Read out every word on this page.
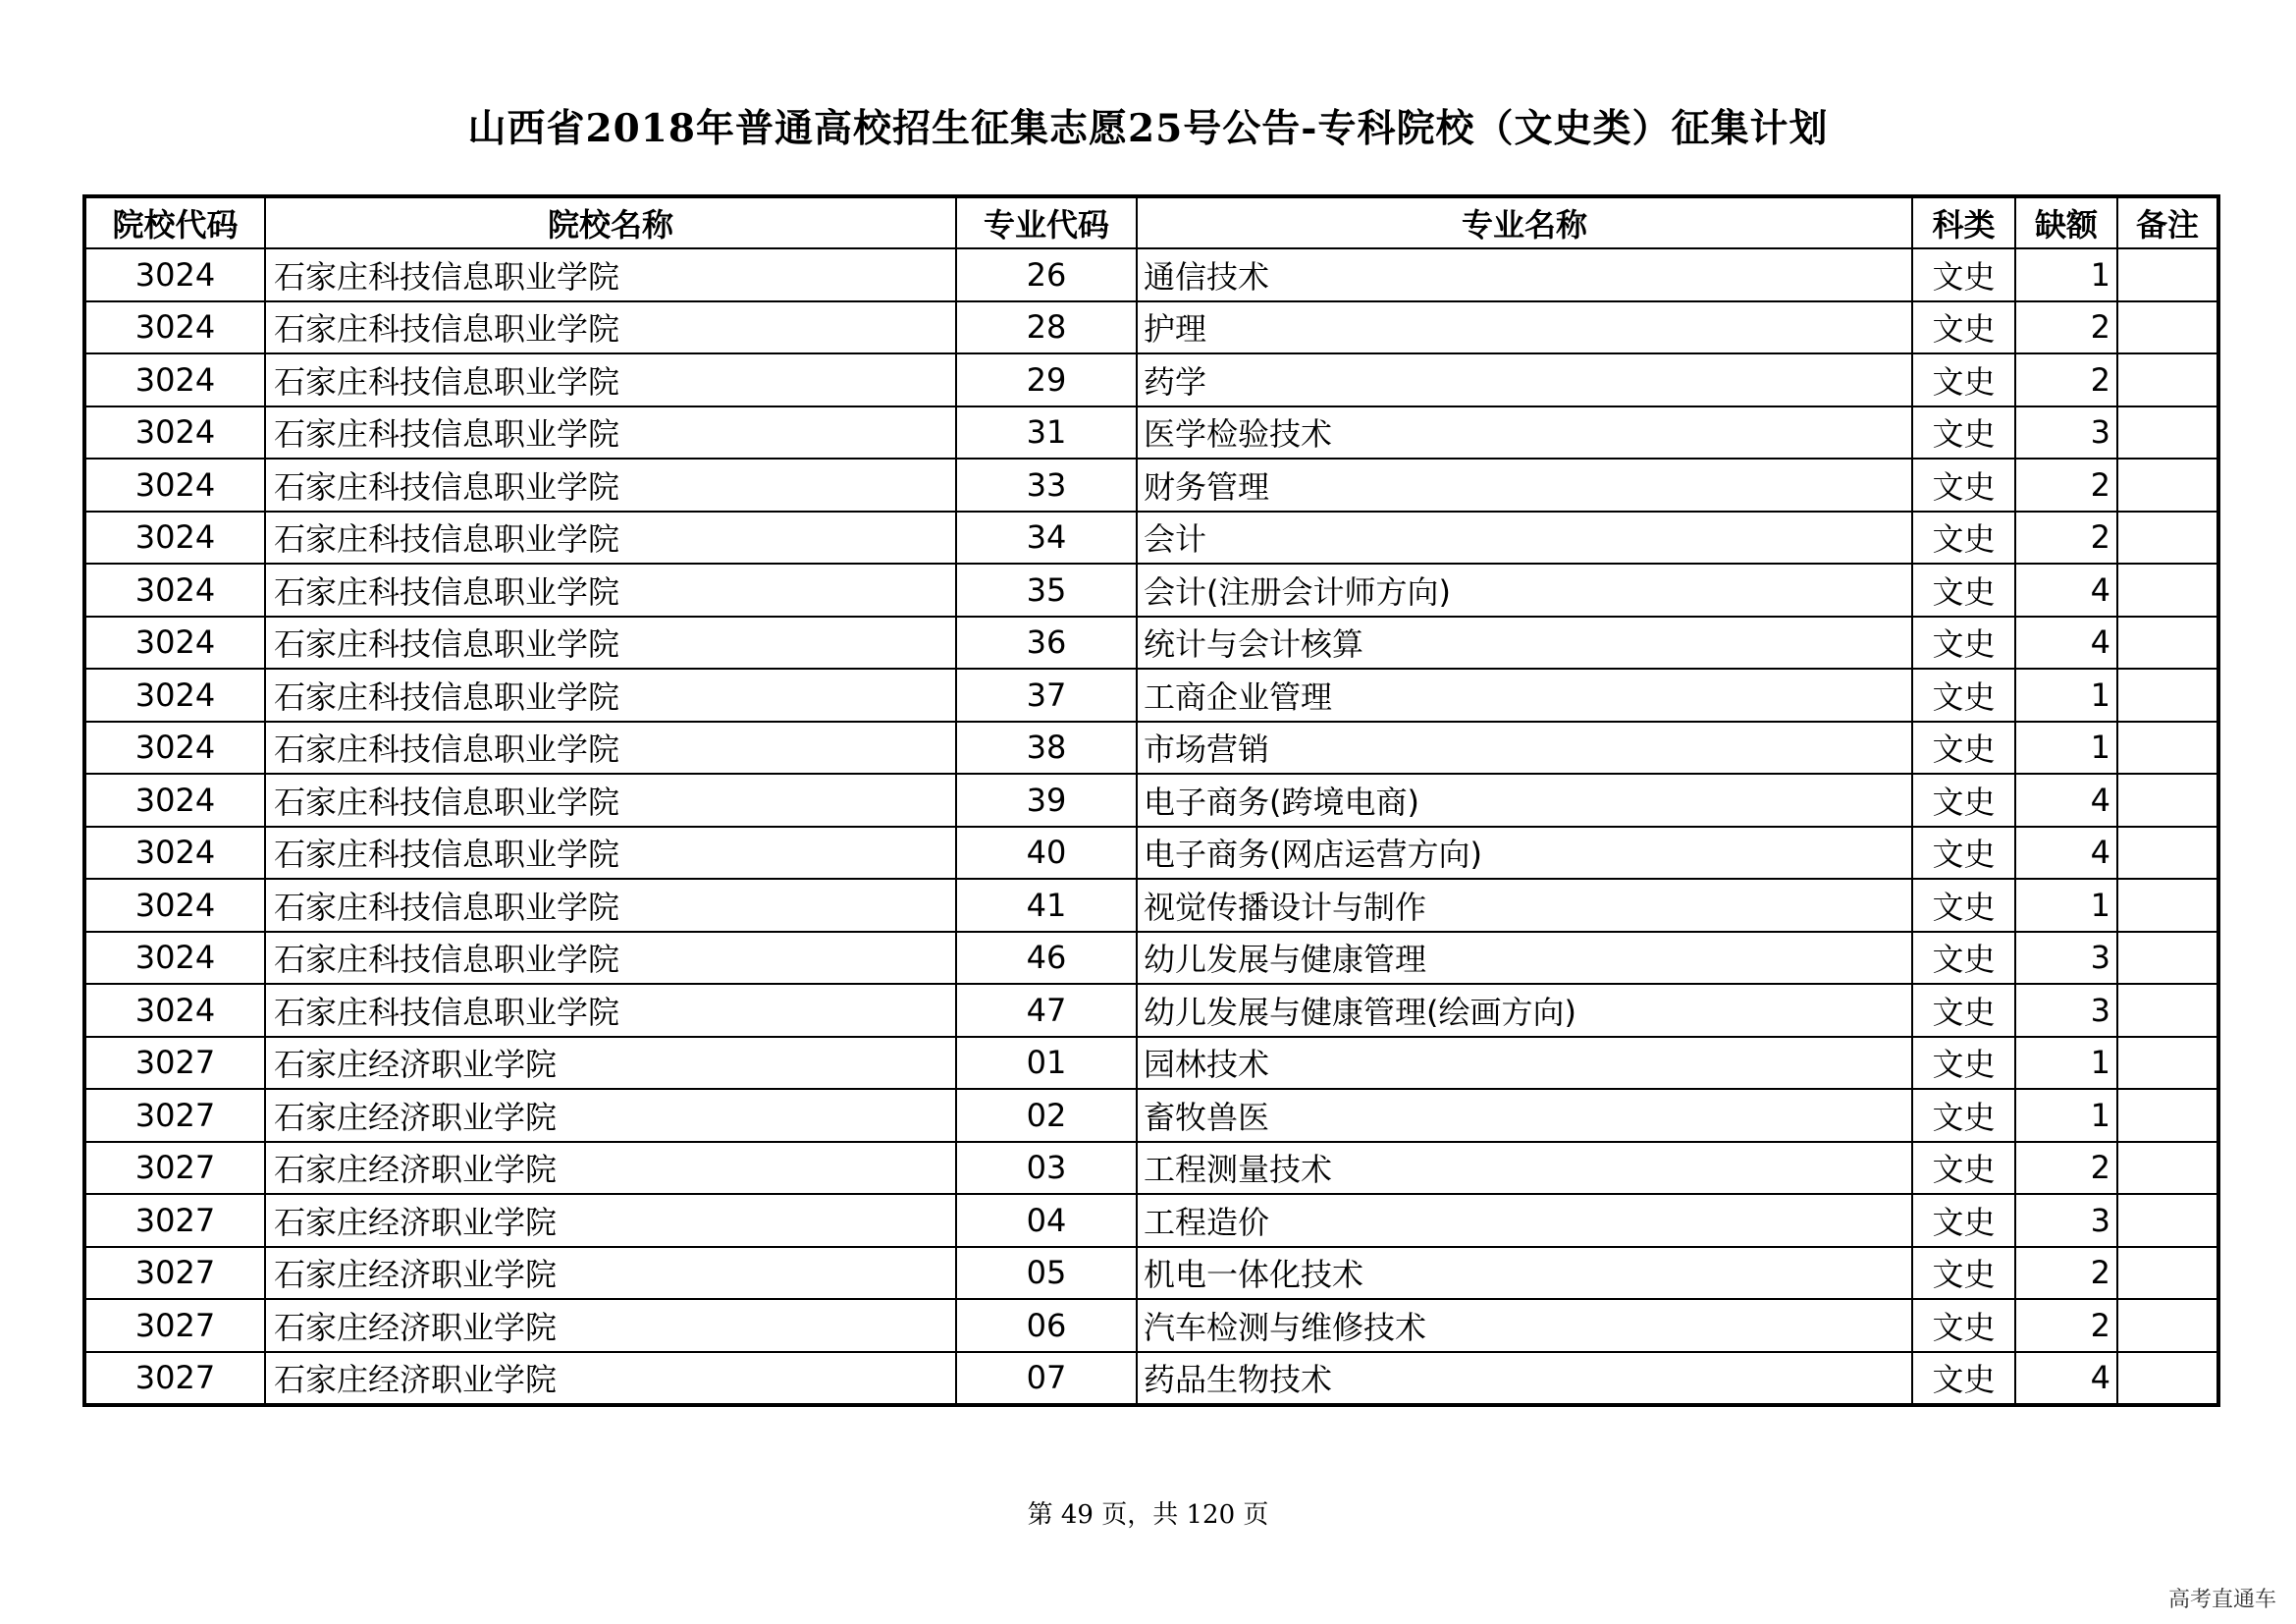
山西省2018年普通高校招生征集志愿25号公告-专科院校（文史类）征集计划
院校代码	院校名称	专业代码	专业名称	科类	缺额	备注
3024	石家庄科技信息职业学院	26	通信技术	文史	1	
3024	石家庄科技信息职业学院	28	护理	文史	2	
3024	石家庄科技信息职业学院	29	药学	文史	2	
3024	石家庄科技信息职业学院	31	医学检验技术	文史	3	
3024	石家庄科技信息职业学院	33	财务管理	文史	2	
3024	石家庄科技信息职业学院	34	会计	文史	2	
3024	石家庄科技信息职业学院	35	会计(注册会计师方向)	文史	4	
3024	石家庄科技信息职业学院	36	统计与会计核算	文史	4	
3024	石家庄科技信息职业学院	37	工商企业管理	文史	1	
3024	石家庄科技信息职业学院	38	市场营销	文史	1	
3024	石家庄科技信息职业学院	39	电子商务(跨境电商)	文史	4	
3024	石家庄科技信息职业学院	40	电子商务(网店运营方向)	文史	4	
3024	石家庄科技信息职业学院	41	视觉传播设计与制作	文史	1	
3024	石家庄科技信息职业学院	46	幼儿发展与健康管理	文史	3	
3024	石家庄科技信息职业学院	47	幼儿发展与健康管理(绘画方向)	文史	3	
3027	石家庄经济职业学院	01	园林技术	文史	1	
3027	石家庄经济职业学院	02	畜牧兽医	文史	1	
3027	石家庄经济职业学院	03	工程测量技术	文史	2	
3027	石家庄经济职业学院	04	工程造价	文史	3	
3027	石家庄经济职业学院	05	机电一体化技术	文史	2	
3027	石家庄经济职业学院	06	汽车检测与维修技术	文史	2	
3027	石家庄经济职业学院	07	药品生物技术	文史	4	
第 49 页，共 120 页
高考直通车
